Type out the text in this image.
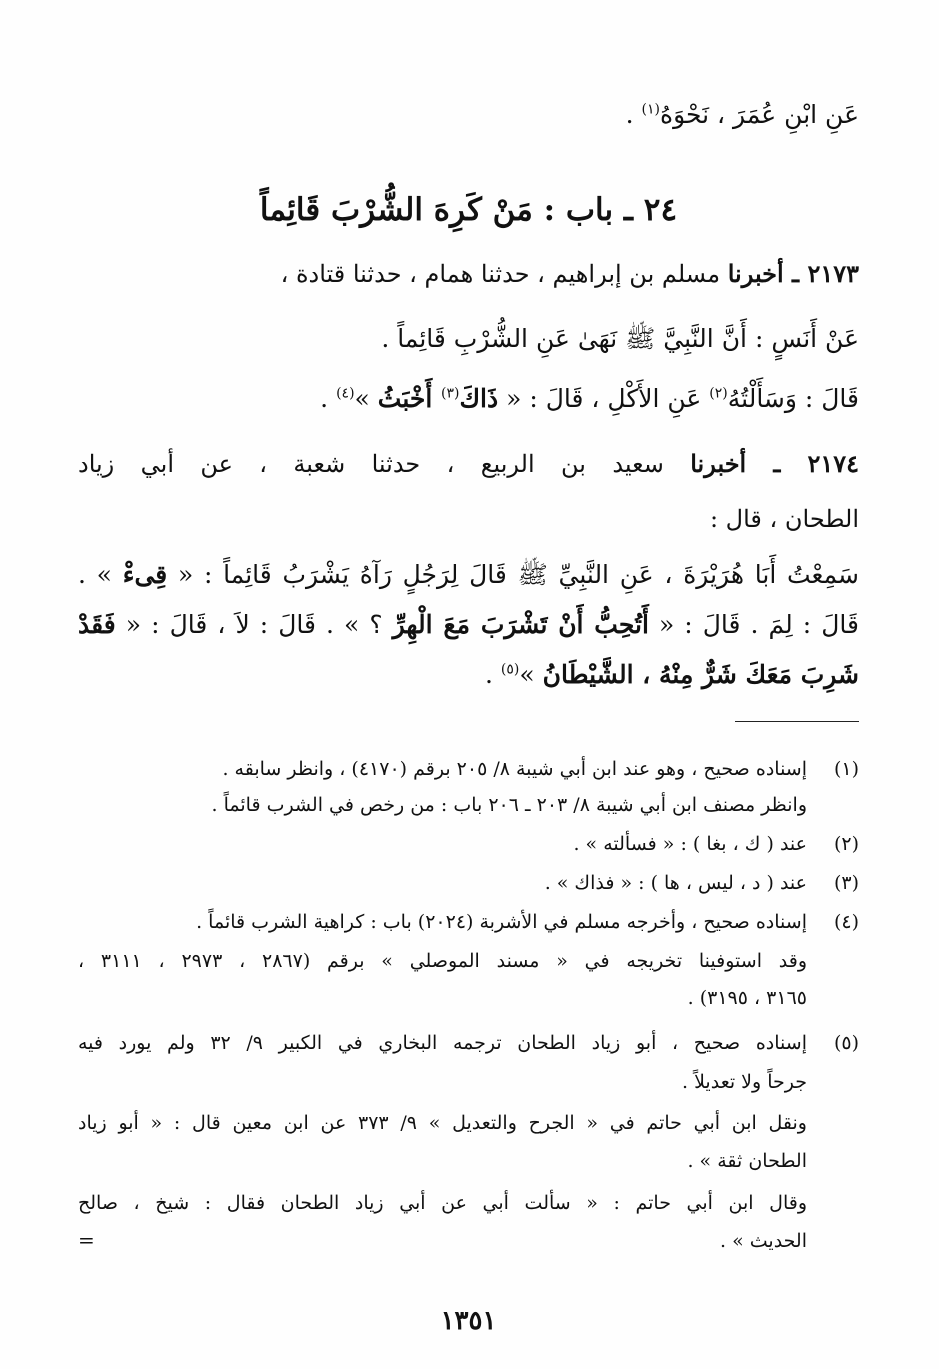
عَنِ ابْنِ عُمَرَ ، نَحْوَهُ$^{(١)}$ .
٢٤ ـ باب : مَنْ كَرِهَ الشُّرْبَ قَائِماً
٢١٧٣ ـ أخبرنا مسلم بن إبراهيم ، حدثنا همام ، حدثنا قتادة ،
عَنْ أَنَسٍ : أَنَّ النَّبِيَّ ﷺ نَهَىٰ عَنِ الشُّرْبِ قَائِماً .
قَالَ : وَسَأَلْتُهُ$^{(٢)}$ عَنِ الأَكْلِ ، قَالَ : « ذَاكَ$^{(٣)}$ أَخْبَثُ »$^{(٤)}$ .
٢١٧٤ ـ أخبرنا سعيد بن الربيع ، حدثنا شعبة ، عن أبي زياد
الطحان ، قال :
سَمِعْتُ أَبَا هُرَيْرَةَ ، عَنِ النَّبِيِّ ﷺ قَالَ لِرَجُلٍ رَآهُ يَشْرَبُ قَائِماً : « قِىءْ » .
قَالَ : لِمَ . قَالَ : « أَتُحِبُّ أَنْ تَشْرَبَ مَعَ الْهِرِّ ؟ » . قَالَ : لاَ ، قَالَ : « فَقَدْ
شَرِبَ مَعَكَ شَرٌّ مِنْهُ ، الشَّيْطَانُ »$^{(٥)}$ .
(١)
إسناده صحيح ، وهو عند ابن أبي شيبة ٨/ ٢٠٥ برقم (٤١٧٠) ، وانظر سابقه .
وانظر مصنف ابن أبي شيبة ٨/ ٢٠٣ ـ ٢٠٦ باب : من رخص في الشرب قائماً .
(٢)
عند ( ك ، بغا ) : « فسألته » .
(٣)
عند ( د ، ليس ، ها ) : « فذاك » .
(٤)
إسناده صحيح ، وأخرجه مسلم في الأشربة (٢٠٢٤) باب : كراهية الشرب قائماً .
وقد استوفينا تخريجه في « مسند الموصلي » برقم (٢٨٦٧ ، ٢٩٧٣ ، ٣١١١ ،
٣١٦٥ ، ٣١٩٥) .
(٥)
إسناده صحيح ، أبو زياد الطحان ترجمه البخاري في الكبير ٩/ ٣٢ ولم يورد فيه
جرحاً ولا تعديلاً .
ونقل ابن أبي حاتم في « الجرح والتعديل » ٩/ ٣٧٣ عن ابن معين قال : « أبو زياد
الطحان ثقة » .
وقال ابن أبي حاتم : « سألت أبي عن أبي زياد الطحان فقال : شيخ ، صالح
الحديث » .
=
١٣٥١
